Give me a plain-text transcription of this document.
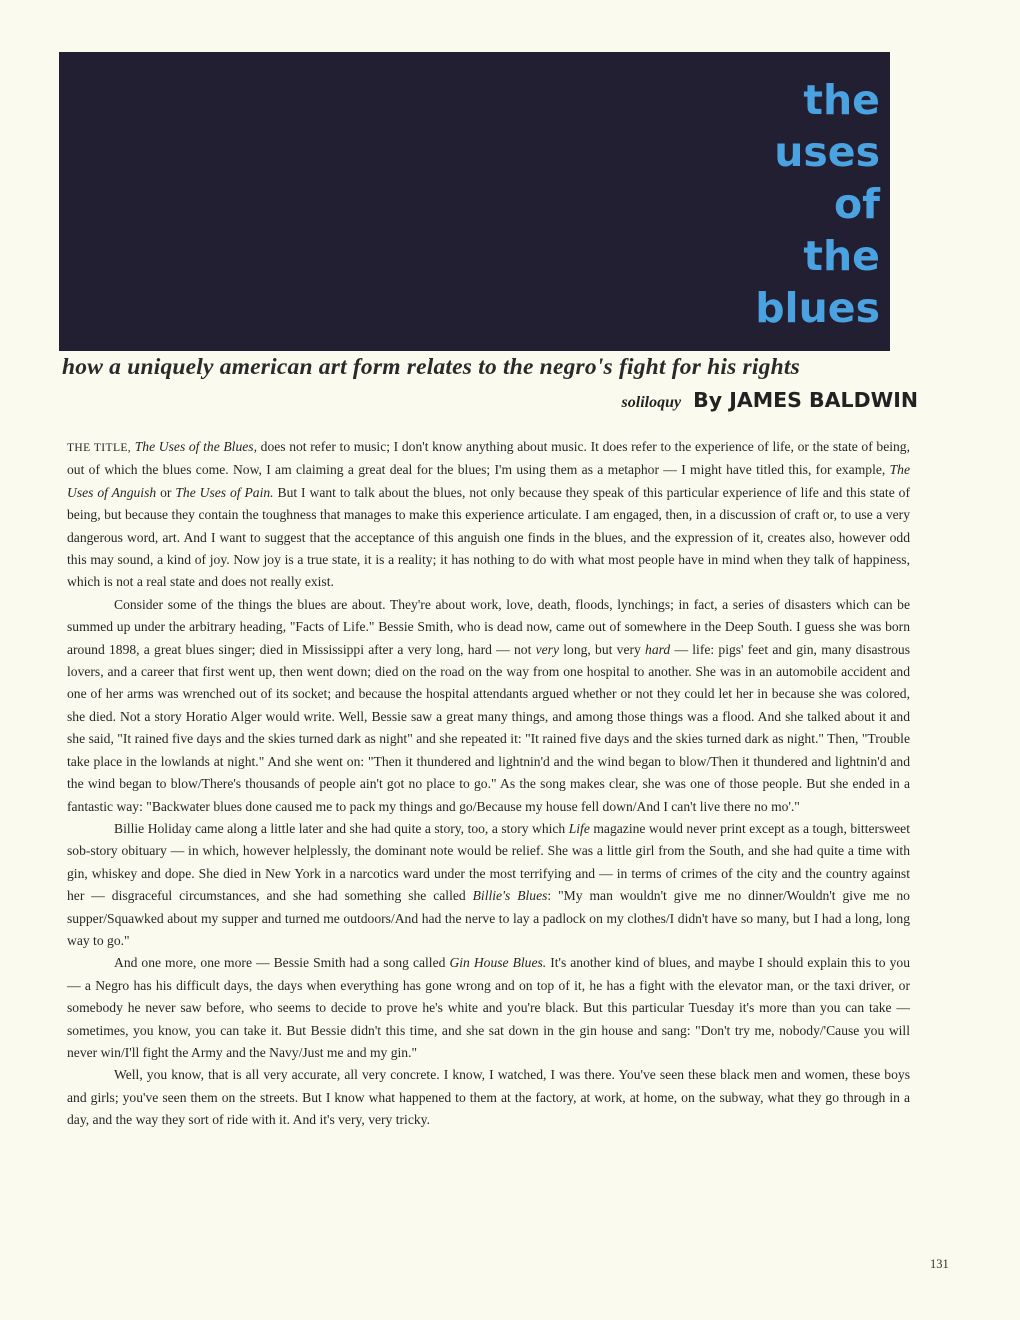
the
uses
of
the
blues
how a uniquely american art form relates to the negro's fight for his rights
soliloquy By JAMES BALDWIN

THE TITLE, The Uses of the Blues, does not refer to music; I don't know anything about music. It does refer to the experience of life, or the state of being, out of which the blues come. Now, I am claiming a great deal for the blues; I'm using them as a metaphor — I might have titled this, for example, The Uses of Anguish or The Uses of Pain. But I want to talk about the blues, not only because they speak of this particular experience of life and this state of being, but because they contain the toughness that manages to make this experience articulate. I am engaged, then, in a discussion of craft or, to use a very dangerous word, art. And I want to suggest that the acceptance of this anguish one finds in the blues, and the expression of it, creates also, however odd this may sound, a kind of joy. Now joy is a true state, it is a reality; it has nothing to do with what most people have in mind when they talk of happiness, which is not a real state and does not really exist.

Consider some of the things the blues are about. They're about work, love, death, floods, lynchings; in fact, a series of disasters which can be summed up under the arbitrary heading, "Facts of Life." Bessie Smith, who is dead now, came out of somewhere in the Deep South. I guess she was born around 1898, a great blues singer; died in Mississippi after a very long, hard — not very long, but very hard — life: pigs' feet and gin, many disastrous lovers, and a career that first went up, then went down; died on the road on the way from one hospital to another. She was in an automobile accident and one of her arms was wrenched out of its socket; and because the hospital attendants argued whether or not they could let her in because she was colored, she died. Not a story Horatio Alger would write. Well, Bessie saw a great many things, and among those things was a flood. And she talked about it and she said, "It rained five days and the skies turned dark as night" and she repeated it: "It rained five days and the skies turned dark as night." Then, "Trouble take place in the lowlands at night." And she went on: "Then it thundered and lightnin'd and the wind began to blow/Then it thundered and lightnin'd and the wind began to blow/There's thousands of people ain't got no place to go." As the song makes clear, she was one of those people. But she ended in a fantastic way: "Backwater blues done caused me to pack my things and go/Because my house fell down/And I can't live there no mo'."

Billie Holiday came along a little later and she had quite a story, too, a story which Life magazine would never print except as a tough, bittersweet sob-story obituary — in which, however helplessly, the dominant note would be relief. She was a little girl from the South, and she had quite a time with gin, whiskey and dope. She died in New York in a narcotics ward under the most terrifying and — in terms of crimes of the city and the country against her — disgraceful circumstances, and she had something she called Billie's Blues: "My man wouldn't give me no dinner/Wouldn't give me no supper/Squawked about my supper and turned me outdoors/And had the nerve to lay a padlock on my clothes/I didn't have so many, but I had a long, long way to go."

And one more, one more — Bessie Smith had a song called Gin House Blues. It's another kind of blues, and maybe I should explain this to you — a Negro has his difficult days, the days when everything has gone wrong and on top of it, he has a fight with the elevator man, or the taxi driver, or somebody he never saw before, who seems to decide to prove he's white and you're black. But this particular Tuesday it's more than you can take — sometimes, you know, you can take it. But Bessie didn't this time, and she sat down in the gin house and sang: "Don't try me, nobody/'Cause you will never win/I'll fight the Army and the Navy/Just me and my gin."

Well, you know, that is all very accurate, all very concrete. I know, I watched, I was there. You've seen these black men and women, these boys and girls; you've seen them on the streets. But I know what happened to them at the factory, at work, at home, on the subway, what they go through in a day, and the way they sort of ride with it. And it's very, very tricky.

131
